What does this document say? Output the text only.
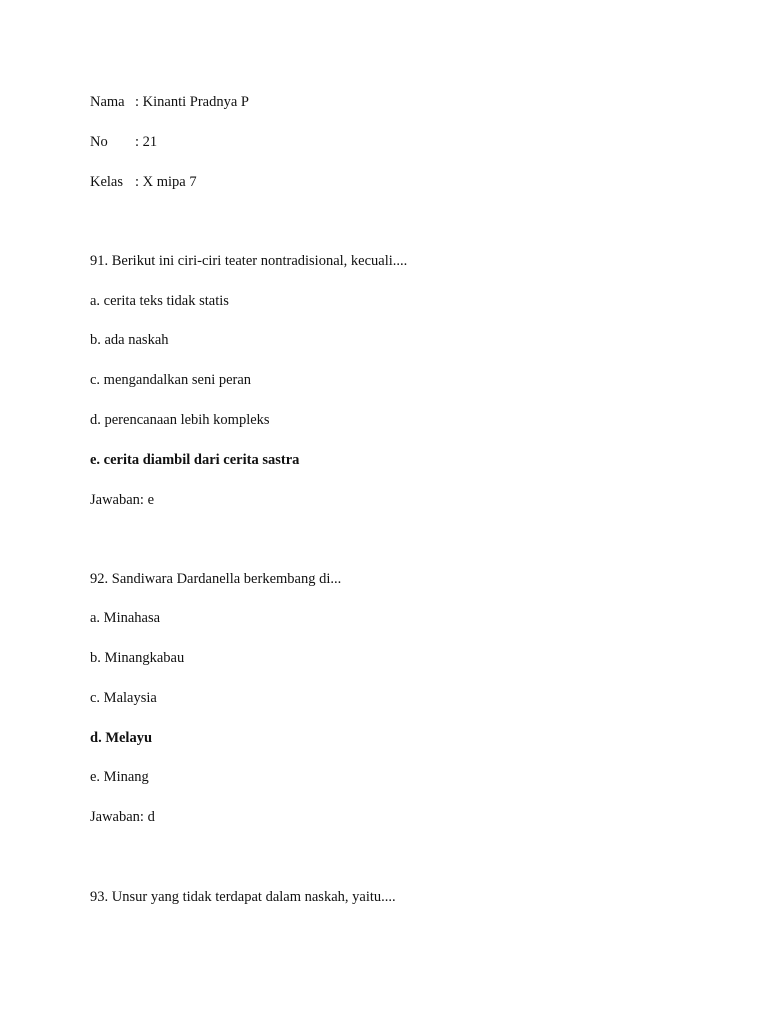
Nama : Kinanti Pradnya P
No : 21
Kelas : X mipa 7
91. Berikut ini ciri-ciri teater nontradisional, kecuali....
a. cerita teks tidak statis
b. ada naskah
c. mengandalkan seni peran
d. perencanaan lebih kompleks
e. cerita diambil dari cerita sastra
Jawaban: e
92. Sandiwara Dardanella berkembang di...
a. Minahasa
b. Minangkabau
c. Malaysia
d. Melayu
e. Minang
Jawaban: d
93. Unsur yang tidak terdapat dalam naskah, yaitu....
